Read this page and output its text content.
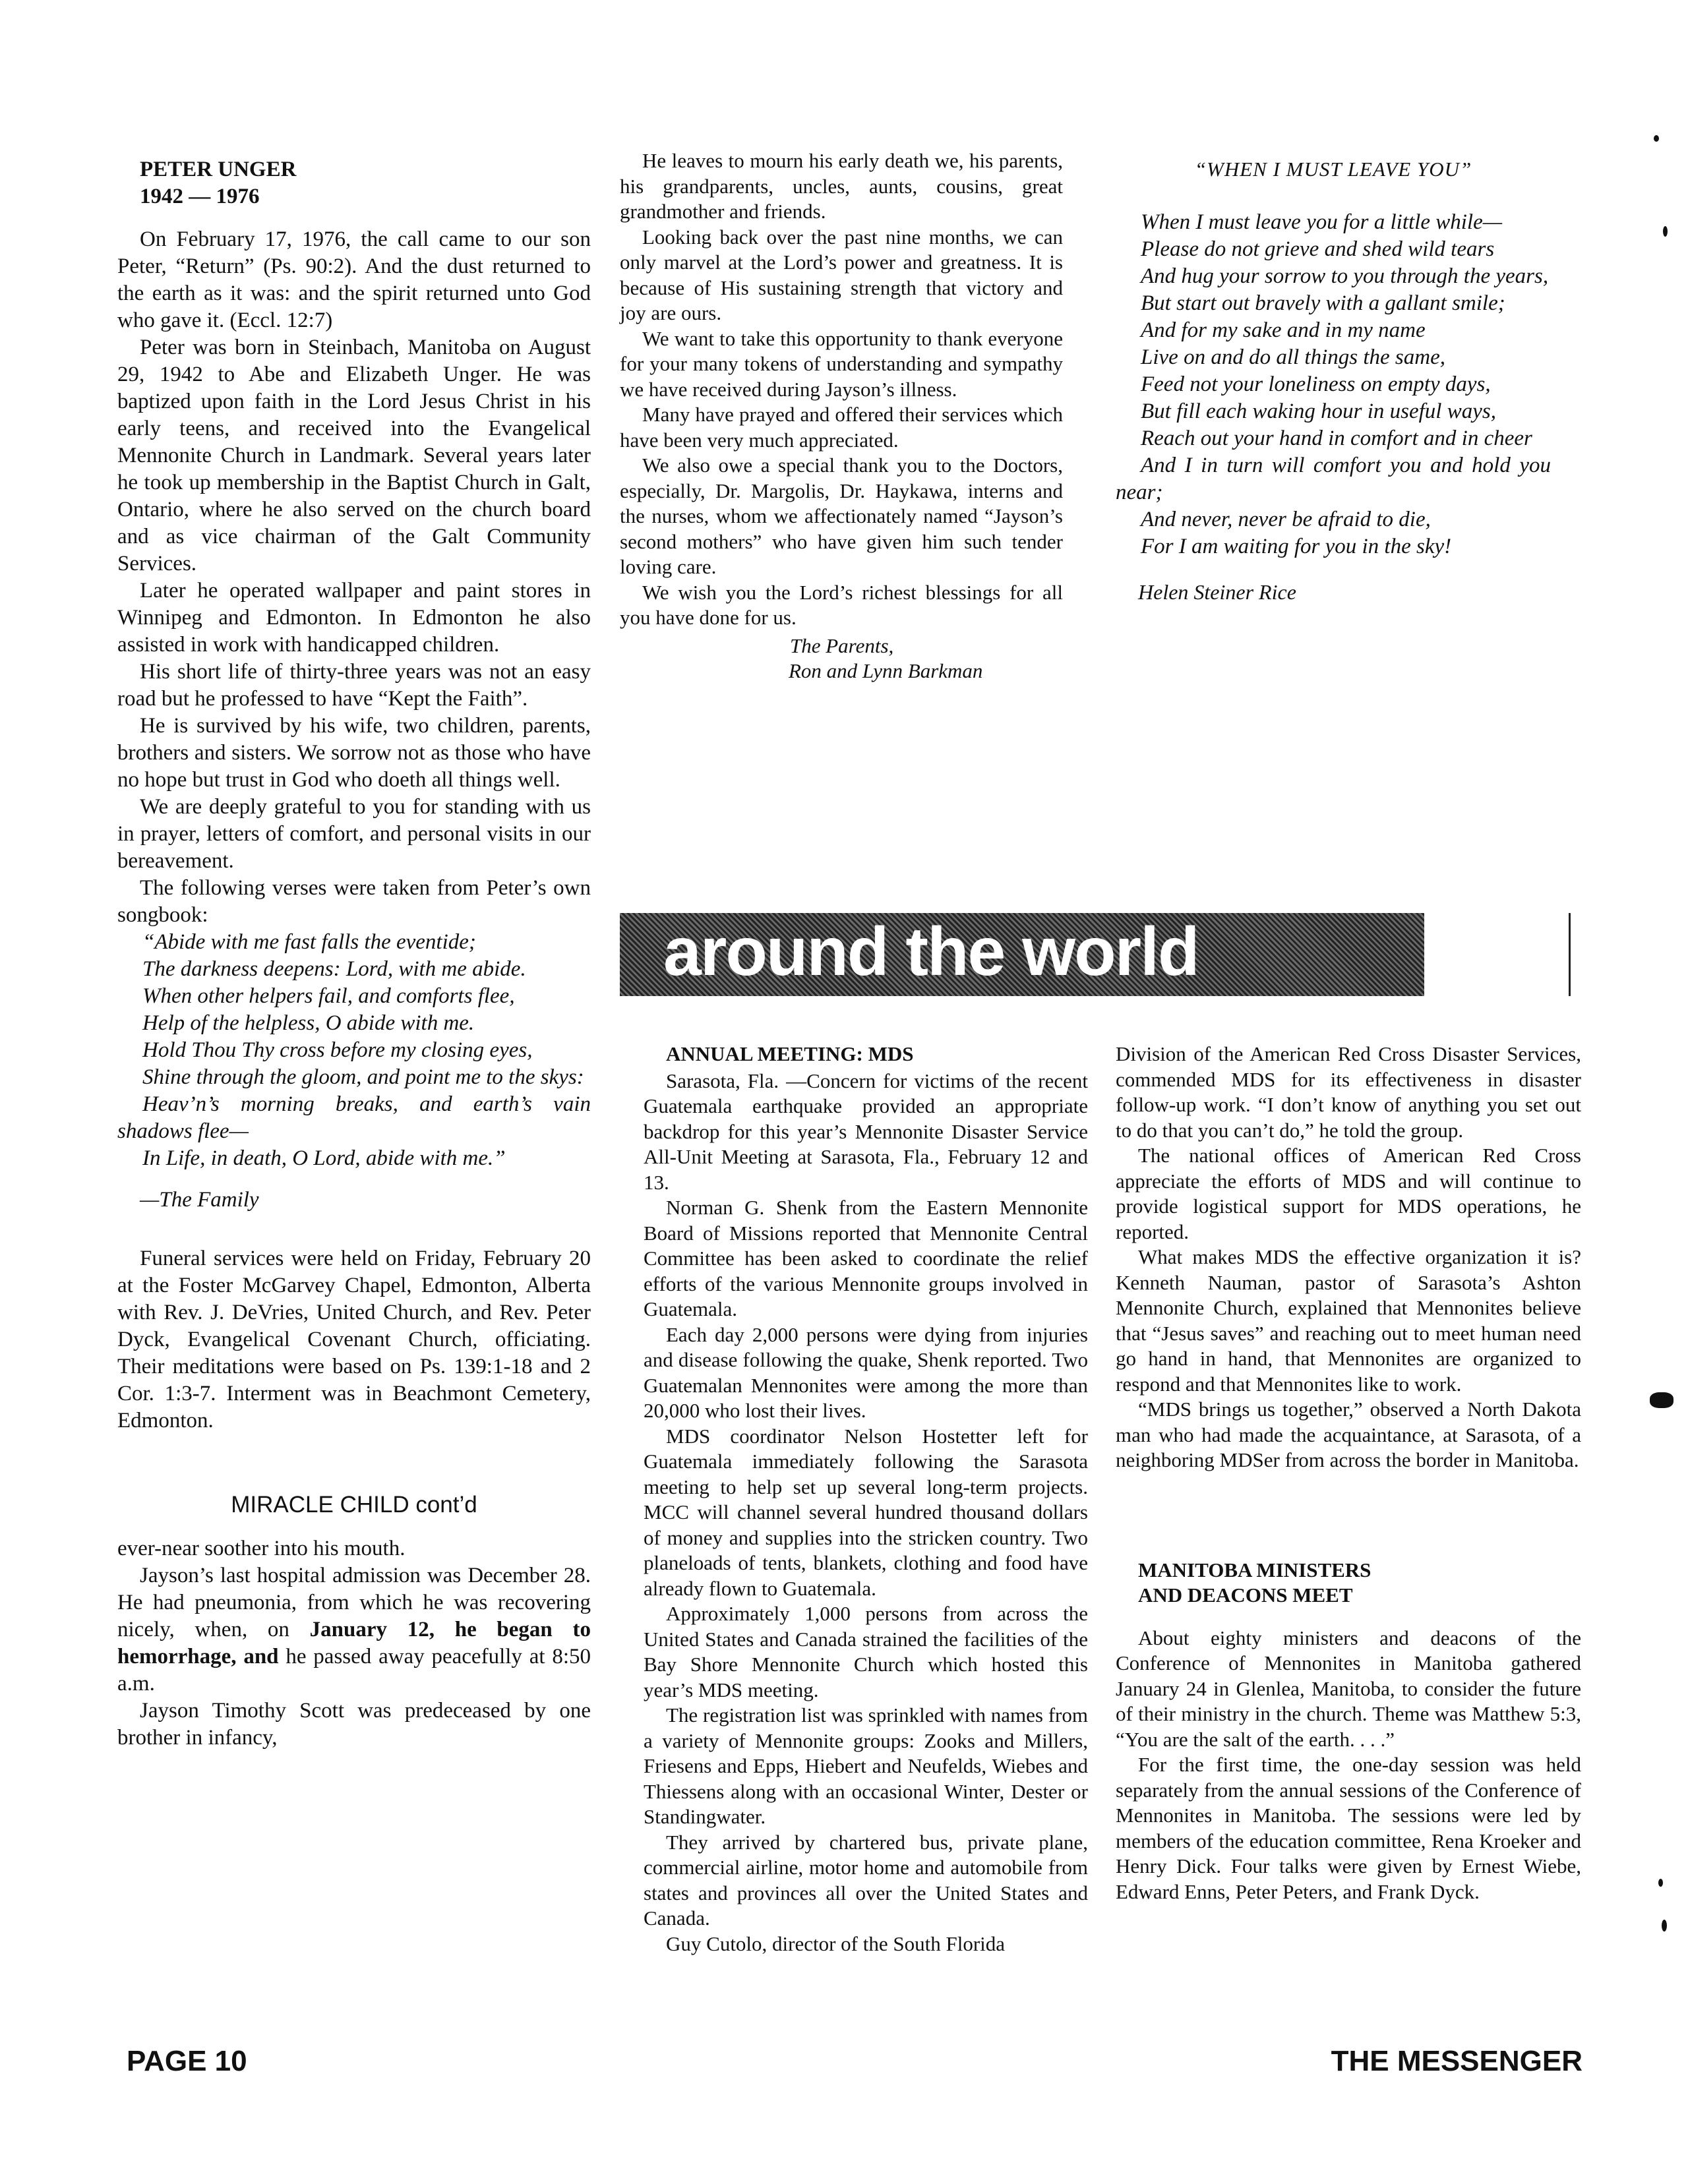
PETER UNGER

1942 — 1976

On February 17, 1976, the call came to our son Peter, “Return” (Ps. 90:2). And the dust returned to the earth as it was: and the spirit returned unto God who gave it. (Eccl. 12:7)

Peter was born in Steinbach, Manitoba on August 29, 1942 to Abe and Elizabeth Unger. He was baptized upon faith in the Lord Jesus Christ in his early teens, and received into the Evangelical Mennonite Church in Landmark. Several years later he took up membership in the Baptist Church in Galt, Ontario, where he also served on the church board and as vice chairman of the Galt Community Services.

Later he operated wallpaper and paint stores in Winnipeg and Edmonton. In Edmonton he also assisted in work with handicapped children.

His short life of thirty-three years was not an easy road but he professed to have “Kept the Faith”.

He is survived by his wife, two children, parents, brothers and sisters. We sorrow not as those who have no hope but trust in God who doeth all things well.

We are deeply grateful to you for standing with us in prayer, letters of comfort, and personal visits in our bereavement.

The following verses were taken from Peter’s own songbook:

“Abide with me fast falls the eventide;

The darkness deepens: Lord, with me abide.

When other helpers fail, and comforts flee,

Help of the helpless, O abide with me.

Hold Thou Thy cross before my closing eyes,

Shine through the gloom, and point me to the skys:

Heav’n’s morning breaks, and earth’s vain shadows flee—

In Life, in death, O Lord, abide with me.”

—The Family

Funeral services were held on Friday, February 20 at the Foster McGarvey Chapel, Edmonton, Alberta with Rev. J. DeVries, United Church, and Rev. Peter Dyck, Evangelical Covenant Church, officiating. Their meditations were based on Ps. 139:1-18 and 2 Cor. 1:3-7. Interment was in Beachmont Cemetery, Edmonton.

MIRACLE CHILD cont’d

ever-near soother into his mouth.

Jayson’s last hospital admission was December 28. He had pneumonia, from which he was recovering nicely, when, on January 12, he began to hemorrhage, and he passed away peacefully at 8:50 a.m.

Jayson Timothy Scott was predeceased by one brother in infancy,

He leaves to mourn his early death we, his parents, his grandparents, uncles, aunts, cousins, great grandmother and friends.

Looking back over the past nine months, we can only marvel at the Lord’s power and greatness. It is because of His sustaining strength that victory and joy are ours.

We want to take this opportunity to thank everyone for your many tokens of understanding and sympathy we have received during Jayson’s illness.

Many have prayed and offered their services which have been very much appreciated.

We also owe a special thank you to the Doctors, especially, Dr. Margolis, Dr. Haykawa, interns and the nurses, whom we affectionately named “Jayson’s second mothers” who have given him such tender loving care.

We wish you the Lord’s richest blessings for all you have done for us.

The Parents,

Ron and Lynn Barkman

“WHEN I MUST LEAVE YOU”

When I must leave you for a little while—

Please do not grieve and shed wild tears

And hug your sorrow to you through the years,

But start out bravely with a gallant smile;

And for my sake and in my name

Live on and do all things the same,

Feed not your loneliness on empty days,

But fill each waking hour in useful ways,

Reach out your hand in comfort and in cheer

And I in turn will comfort you and hold you near;

And never, never be afraid to die,

For I am waiting for you in the sky!

Helen Steiner Rice

around the world

ANNUAL MEETING: MDS

Sarasota, Fla. —Concern for victims of the recent Guatemala earthquake provided an appropriate backdrop for this year’s Mennonite Disaster Service All-Unit Meeting at Sarasota, Fla., February 12 and 13.

Norman G. Shenk from the Eastern Mennonite Board of Missions reported that Mennonite Central Committee has been asked to coordinate the relief efforts of the various Mennonite groups involved in Guatemala.

Each day 2,000 persons were dying from injuries and disease following the quake, Shenk reported. Two Guatemalan Mennonites were among the more than 20,000 who lost their lives.

MDS coordinator Nelson Hostetter left for Guatemala immediately following the Sarasota meeting to help set up several long-term projects. MCC will channel several hundred thousand dollars of money and supplies into the stricken country. Two planeloads of tents, blankets, clothing and food have already flown to Guatemala.

Approximately 1,000 persons from across the United States and Canada strained the facilities of the Bay Shore Mennonite Church which hosted this year’s MDS meeting.

The registration list was sprinkled with names from a variety of Mennonite groups: Zooks and Millers, Friesens and Epps, Hiebert and Neufelds, Wiebes and Thiessens along with an occasional Winter, Dester or Standingwater.

They arrived by chartered bus, private plane, commercial airline, motor home and automobile from states and provinces all over the United States and Canada.

Guy Cutolo, director of the South Florida

Division of the American Red Cross Disaster Services, commended MDS for its effectiveness in disaster follow-up work. “I don’t know of anything you set out to do that you can’t do,” he told the group.

The national offices of American Red Cross appreciate the efforts of MDS and will continue to provide logistical support for MDS operations, he reported.

What makes MDS the effective organization it is? Kenneth Nauman, pastor of Sarasota’s Ashton Mennonite Church, explained that Mennonites believe that “Jesus saves” and reaching out to meet human need go hand in hand, that Mennonites are organized to respond and that Mennonites like to work.

“MDS brings us together,” observed a North Dakota man who had made the acquaintance, at Sarasota, of a neighboring MDSer from across the border in Manitoba.

MANITOBA MINISTERS

AND DEACONS MEET

About eighty ministers and deacons of the Conference of Mennonites in Manitoba gathered January 24 in Glenlea, Manitoba, to consider the future of their ministry in the church. Theme was Matthew 5:3, “You are the salt of the earth. . . .”

For the first time, the one-day session was held separately from the annual sessions of the Conference of Mennonites in Manitoba. The sessions were led by members of the education committee, Rena Kroeker and Henry Dick. Four talks were given by Ernest Wiebe, Edward Enns, Peter Peters, and Frank Dyck.

PAGE 10	THE MESSENGER
